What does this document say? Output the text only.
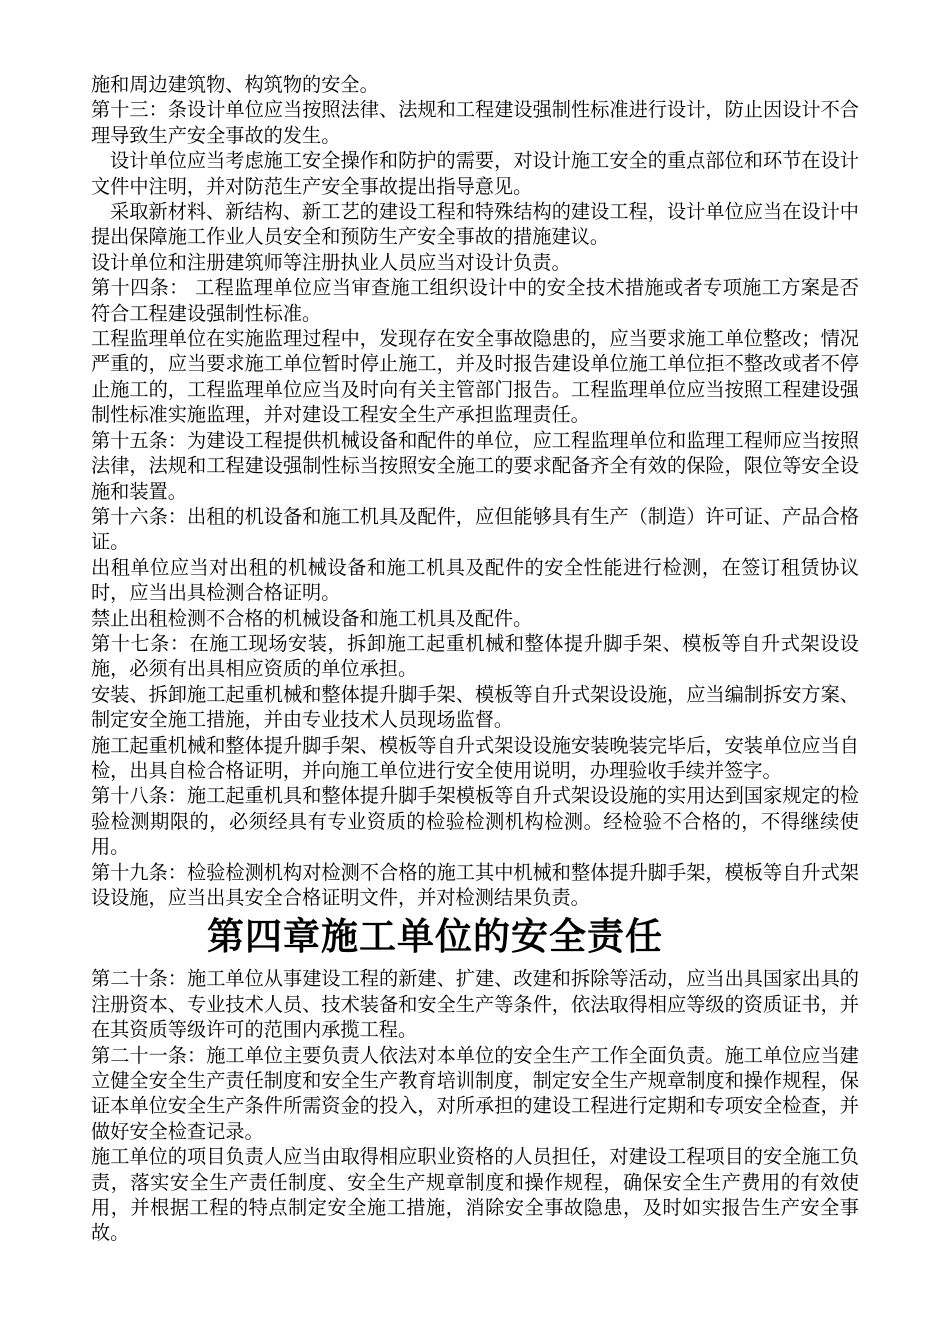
施和周边建筑物、构筑物的安全。

第十三：条设计单位应当按照法律、法规和工程建设强制性标准进行设计，防止因设计不合理导致生产安全事故的发生。

设计单位应当考虑施工安全操作和防护的需要，对设计施工安全的重点部位和环节在设计文件中注明，并对防范生产安全事故提出指导意见。

采取新材料、新结构、新工艺的建设工程和特殊结构的建设工程，设计单位应当在设计中提出保障施工作业人员安全和预防生产安全事故的措施建议。

设计单位和注册建筑师等注册执业人员应当对设计负责。

第十四条： 工程监理单位应当审查施工组织设计中的安全技术措施或者专项施工方案是否符合工程建设强制性标准。

工程监理单位在实施监理过程中，发现存在安全事故隐患的，应当要求施工单位整改；情况严重的，应当要求施工单位暂时停止施工，并及时报告建设单位施工单位拒不整改或者不停止施工的，工程监理单位应当及时向有关主管部门报告。工程监理单位应当按照工程建设强制性标准实施监理，并对建设工程安全生产承担监理责任。

第十五条：为建设工程提供机械设备和配件的单位，应工程监理单位和监理工程师应当按照法律，法规和工程建设强制性标当按照安全施工的要求配备齐全有效的保险，限位等安全设施和装置。

第十六条：出租的机设备和施工机具及配件，应但能够具有生产（制造）许可证、产品合格证。

出租单位应当对出租的机械设备和施工机具及配件的安全性能进行检测，在签订租赁协议时，应当出具检测合格证明。

禁止出租检测不合格的机械设备和施工机具及配件。

第十七条：在施工现场安装，拆卸施工起重机械和整体提升脚手架、模板等自升式架设设施，必须有出具相应资质的单位承担。

安装、拆卸施工起重机械和整体提升脚手架、模板等自升式架设设施，应当编制拆安方案、制定安全施工措施，并由专业技术人员现场监督。

施工起重机械和整体提升脚手架、模板等自升式架设设施安装晚装完毕后，安装单位应当自检，出具自检合格证明，并向施工单位进行安全使用说明，办理验收手续并签字。

第十八条：施工起重机具和整体提升脚手架模板等自升式架设设施的实用达到国家规定的检验检测期限的，必须经具有专业资质的检验检测机构检测。经检验不合格的，不得继续使用。

第十九条：检验检测机构对检测不合格的施工其中机械和整体提升脚手架，模板等自升式架设设施，应当出具安全合格证明文件，并对检测结果负责。

第四章施工单位的安全责任

第二十条：施工单位从事建设工程的新建、扩建、改建和拆除等活动，应当出具国家出具的注册资本、专业技术人员、技术装备和安全生产等条件，依法取得相应等级的资质证书，并在其资质等级许可的范围内承揽工程。

第二十一条：施工单位主要负责人依法对本单位的安全生产工作全面负责。施工单位应当建立健全安全生产责任制度和安全生产教育培训制度，制定安全生产规章制度和操作规程，保证本单位安全生产条件所需资金的投入，对所承担的建设工程进行定期和专项安全检查，并做好安全检查记录。

施工单位的项目负责人应当由取得相应职业资格的人员担任，对建设工程项目的安全施工负责，落实安全生产责任制度、安全生产规章制度和操作规程，确保安全生产费用的有效使用，并根据工程的特点制定安全施工措施，消除安全事故隐患，及时如实报告生产安全事故。
